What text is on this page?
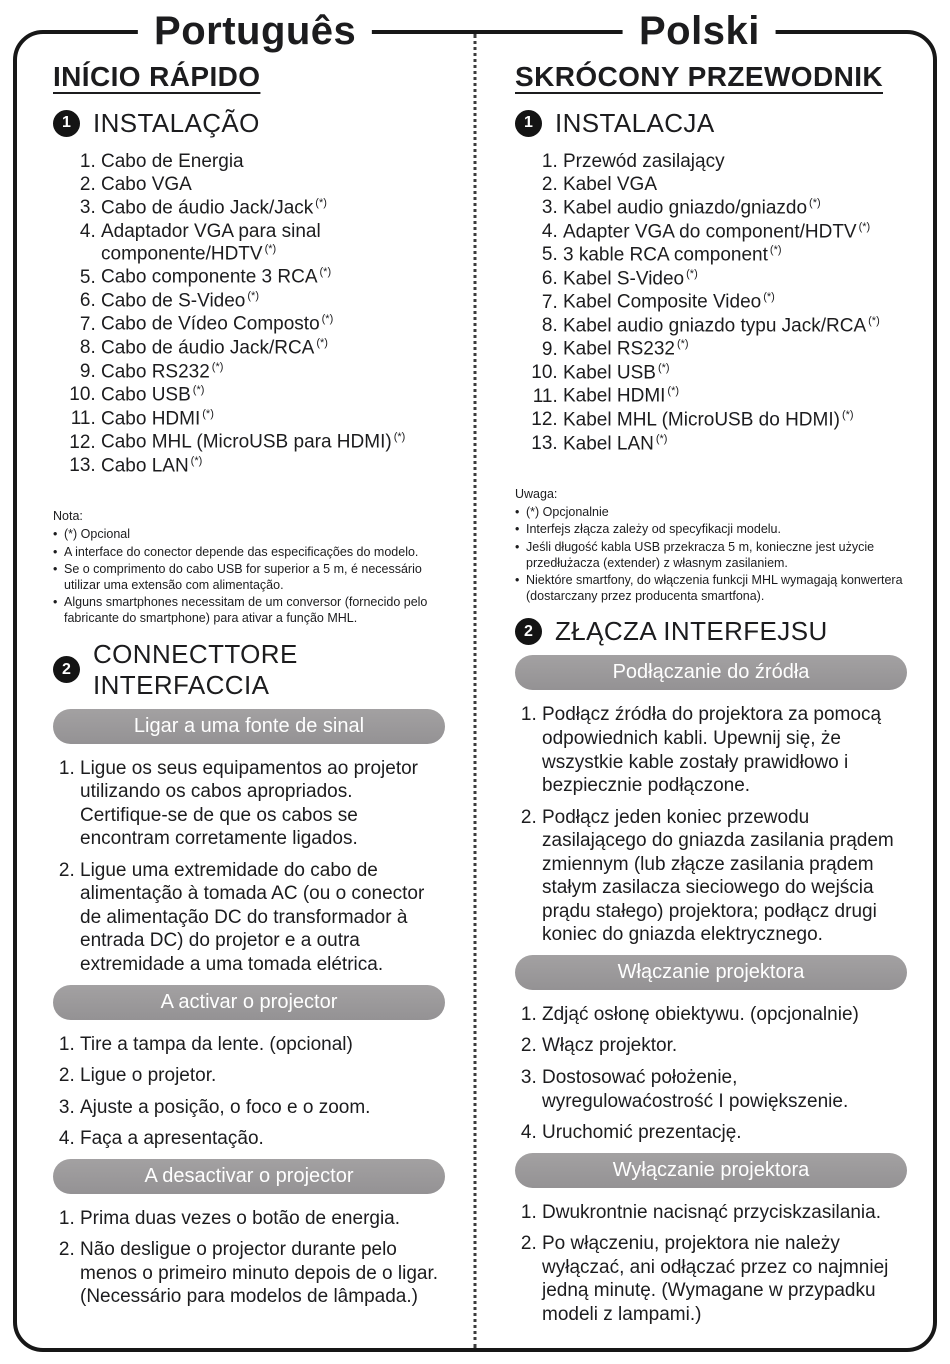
Português	Polski
INÍCIO RÁPIDO
1 INSTALAÇÃO
1. Cabo de Energia
2. Cabo VGA
3. Cabo de áudio Jack/Jack (*)
4. Adaptador VGA para sinal componente/HDTV (*)
5. Cabo componente 3 RCA (*)
6. Cabo de S-Video (*)
7. Cabo de Vídeo Composto (*)
8. Cabo de áudio Jack/RCA (*)
9. Cabo RS232 (*)
10. Cabo USB (*)
11. Cabo HDMI (*)
12. Cabo MHL (MicroUSB para HDMI) (*)
13. Cabo LAN (*)
Nota:
• (*) Opcional
• A interface do conector depende das especificações do modelo.
• Se o comprimento do cabo USB for superior a 5 m, é necessário utilizar uma extensão com alimentação.
• Alguns smartphones necessitam de um conversor (fornecido pelo fabricante do smartphone) para ativar a função MHL.
2
CONNECTTORE INTERFACCIA
Ligar a uma fonte de sinal
1. Ligue os seus equipamentos ao projetor utilizando os cabos apropriados. Certifique-se de que os cabos se encontram corretamente ligados.
2. Ligue uma extremidade do cabo de alimentação à tomada AC (ou o conector de alimentação DC do transformador à entrada DC) do projetor e a outra extremidade a uma tomada elétrica.
A activar o projector
1. Tire a tampa da lente. (opcional)
2. Ligue o projetor.
3. Ajuste a posição, o foco e o zoom.
4. Faça a apresentação.
A desactivar o projector
1. Prima duas vezes o botão de energia.
2. Não desligue o projector durante pelo menos o primeiro minuto depois de o ligar. (Necessário para modelos de lâmpada.)
SKRÓCONY PRZEWODNIK
1 INSTALACJA
1. Przewód zasilający
2. Kabel VGA
3. Kabel audio gniazdo/gniazdo (*)
4. Adapter VGA do component/HDTV (*)
5. 3 kable RCA component (*)
6. Kabel S-Video (*)
7. Kabel Composite Video (*)
8. Kabel audio gniazdo typu Jack/RCA (*)
9. Kabel RS232 (*)
10. Kabel USB (*)
11. Kabel HDMI (*)
12. Kabel MHL (MicroUSB do HDMI) (*)
13. Kabel LAN (*)
Uwaga:
• (*) Opcjonalnie
• Interfejs złącza zależy od specyfikacji modelu.
• Jeśli długość kabla USB przekracza 5 m, konieczne jest użycie przedłużacza (extender) z własnym zasilaniem.
• Niektóre smartfony, do włączenia funkcji MHL wymagają konwertera (dostarczany przez producenta smartfona).
2 ZŁĄCZA INTERFEJSU
Podłączanie do źródła
1. Podłącz źródła do projektora za pomocą odpowiednich kabli. Upewnij się, że wszystkie kable zostały prawidłowo i bezpiecznie podłączone.
2. Podłącz jeden koniec przewodu zasilającego do gniazda zasilania prądem zmiennym (lub złącze zasilania prądem stałym zasilacza sieciowego do wejścia prądu stałego) projektora; podłącz drugi koniec do gniazda elektrycznego.
Włączanie projektora
1. Zdjąć osłonę obiektywu. (opcjonalnie)
2. Włącz projektor.
3. Dostosować położenie, wyregulowaćostrość I powiększenie.
4. Uruchomić prezentację.
Wyłączanie projektora
1. Dwukrontnie nacisnąć przyciskzasilania.
2. Po włączeniu, projektora nie należy wyłączać, ani odłączać przez co najmniej jedną minutę. (Wymagane w przypadku modeli z lampami.)
